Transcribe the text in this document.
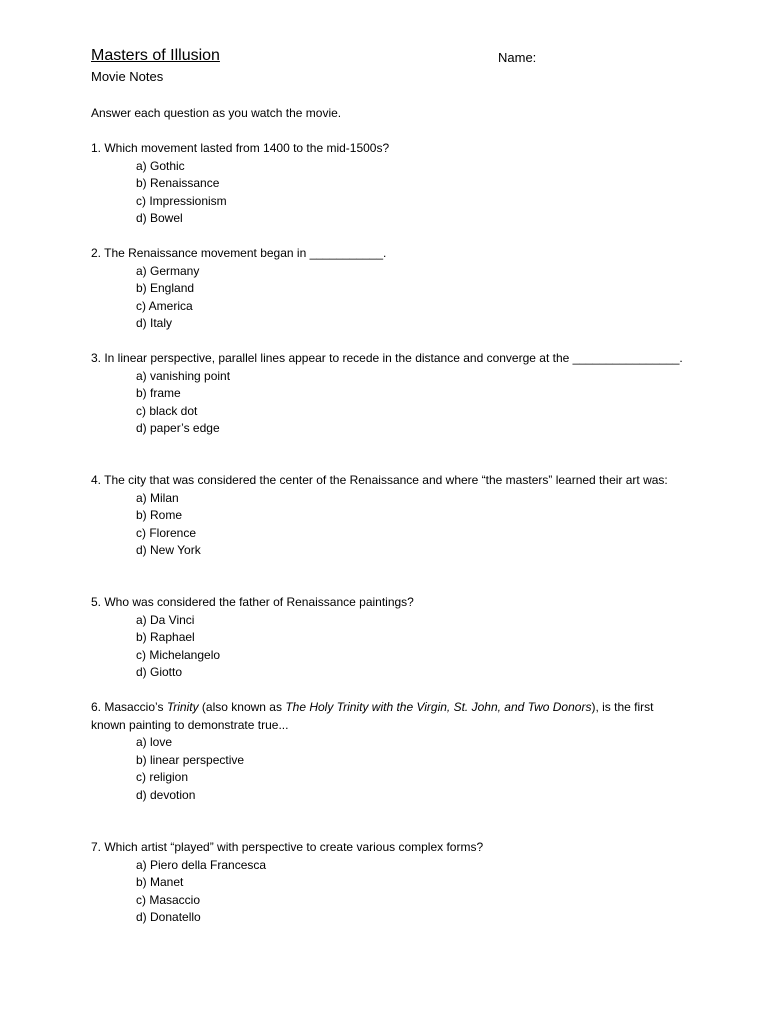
Masters of Illusion	Name:
Movie Notes
Answer each question as you watch the movie.
1. Which movement lasted from 1400 to the mid-1500s?
a) Gothic
b) Renaissance
c) Impressionism
d) Bowel
2. The Renaissance movement began in ___________.
a) Germany
b) England
c) America
d) Italy
3. In linear perspective, parallel lines appear to recede in the distance and converge at the ________________.
a) vanishing point
b) frame
c) black dot
d) paper’s edge
4. The city that was considered the center of the Renaissance and where “the masters” learned their art was:
a) Milan
b) Rome
c) Florence
d) New York
5. Who was considered the father of Renaissance paintings?
a) Da Vinci
b) Raphael
c) Michelangelo
d) Giotto
6. Masaccio’s Trinity (also known as The Holy Trinity with the Virgin, St. John, and Two Donors), is the first known painting to demonstrate true...
a) love
b) linear perspective
c) religion
d) devotion
7. Which artist “played” with perspective to create various complex forms?
a) Piero della Francesca
b) Manet
c) Masaccio
d) Donatello
